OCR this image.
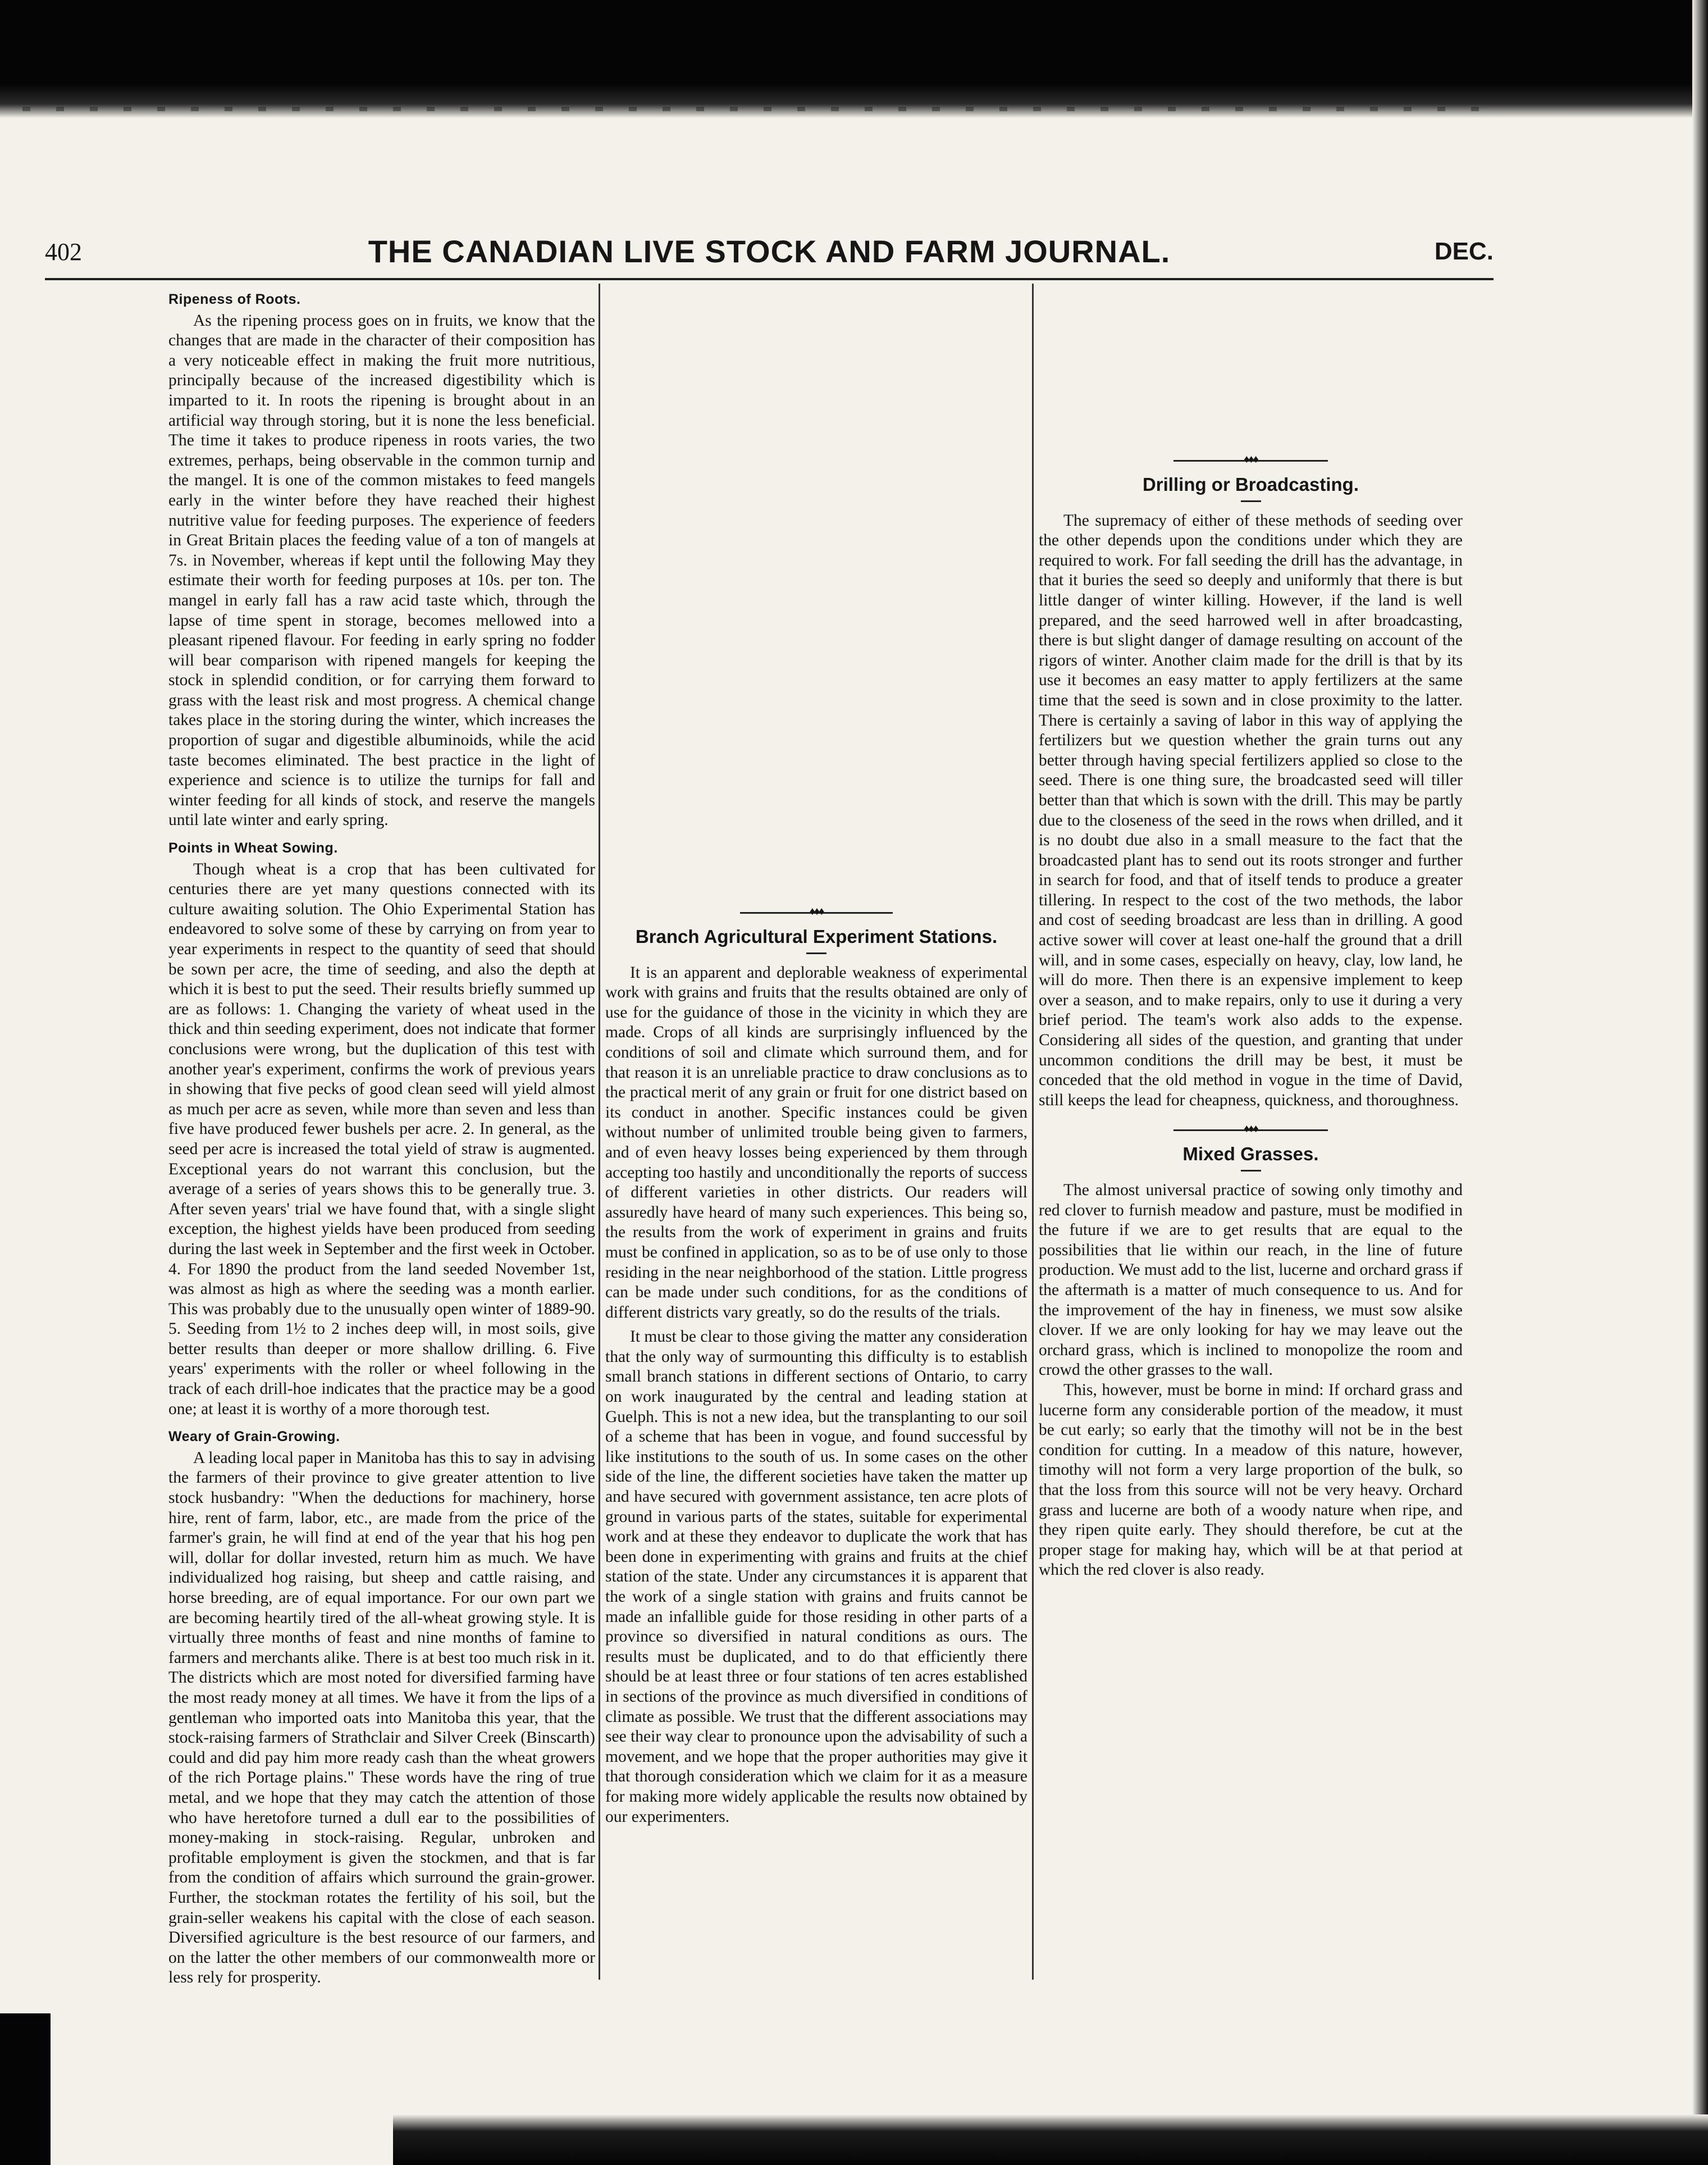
402	THE CANADIAN LIVE STOCK AND FARM JOURNAL.	DEC.
Ripeness of Roots.

As the ripening process goes on in fruits, we know that the changes that are made in the character of their composition has a very noticeable effect in making the fruit more nutritious, principally because of the increased digestibility which is imparted to it. In roots the ripening is brought about in an artificial way through storing, but it is none the less beneficial. The time it takes to produce ripeness in roots varies, the two extremes, perhaps, being observable in the common turnip and the mangel. It is one of the common mistakes to feed mangels early in the winter before they have reached their highest nutritive value for feeding purposes. The experience of feeders in Great Britain places the feeding value of a ton of mangels at 7s. in November, whereas if kept until the following May they estimate their worth for feeding purposes at 10s. per ton. The mangel in early fall has a raw acid taste which, through the lapse of time spent in storage, becomes mellowed into a pleasant ripened flavour. For feeding in early spring no fodder will bear comparison with ripened mangels for keeping the stock in splendid condition, or for carrying them forward to grass with the least risk and most progress. A chemical change takes place in the storing during the winter, which increases the proportion of sugar and digestible albuminoids, while the acid taste becomes eliminated. The best practice in the light of experience and science is to utilize the turnips for fall and winter feeding for all kinds of stock, and reserve the mangels until late winter and early spring.

Points in Wheat Sowing.

Though wheat is a crop that has been cultivated for centuries there are yet many questions connected with its culture awaiting solution. The Ohio Experimental Station has endeavored to solve some of these by carrying on from year to year experiments in respect to the quantity of seed that should be sown per acre, the time of seeding, and also the depth at which it is best to put the seed. Their results briefly summed up are as follows: 1. Changing the variety of wheat used in the thick and thin seeding experiment, does not indicate that former conclusions were wrong, but the duplication of this test with another year's experiment, confirms the work of previous years in showing that five pecks of good clean seed will yield almost as much per acre as seven, while more than seven and less than five have produced fewer bushels per acre. 2. In general, as the seed per acre is increased the total yield of straw is augmented. Exceptional years do not warrant this conclusion, but the average of a series of years shows this to be generally true. 3. After seven years' trial we have found that, with a single slight exception, the highest yields have been produced from seeding during the last week in September and the first week in October. 4. For 1890 the product from the land seeded November 1st, was almost as high as where the seeding was a month earlier. This was probably due to the unusually open winter of 1889-90. 5. Seeding from 1½ to 2 inches deep will, in most soils, give better results than deeper or more shallow drilling. 6. Five years' experiments with the roller or wheel following in the track of each drill-hoe indicates that the practice may be a good one; at least it is worthy of a more thorough test.

Weary of Grain-Growing.

A leading local paper in Manitoba has this to say in advising the farmers of their province to give greater attention to live stock husbandry: "When the deductions for machinery, horse hire, rent of farm, labor, etc., are made from the price of the farmer's grain, he will find at end of the year that his hog pen will, dollar for dollar invested, return him as much. We have individualized hog raising, but sheep and cattle raising, and horse breeding, are of equal importance. For our own part we are becoming heartily tired of the all-wheat growing style. It is virtually three months of feast and nine months of famine to farmers and merchants alike. There is at best too much risk in it. The districts which are most noted for diversified farming have the most ready money at all times. We have it from the lips of a gentleman who imported oats into Manitoba this year, that the stock-raising farmers of Strathclair and Silver Creek (Binscarth) could and did pay him more ready cash than the wheat growers of the rich Portage plains." These words have the ring of true metal, and we hope that they may catch the attention of those who have heretofore turned a dull ear to the possibilities of money-making in stock-raising. Regular, unbroken and profitable employment is given the stockmen, and that is far from the condition of affairs which surround the grain-grower. Further, the stockman rotates the fertility of his soil, but the grain-seller weakens his capital with the close of each season. Diversified agriculture is the best resource of our farmers, and on the latter the other members of our commonwealth more or less rely for prosperity.

♦♦♦
Branch Agricultural Experiment Stations.

It is an apparent and deplorable weakness of experimental work with grains and fruits that the results obtained are only of use for the guidance of those in the vicinity in which they are made. Crops of all kinds are surprisingly influenced by the conditions of soil and climate which surround them, and for that reason it is an unreliable practice to draw conclusions as to the practical merit of any grain or fruit for one district based on its conduct in another. Specific instances could be given without number of unlimited trouble being given to farmers, and of even heavy losses being experienced by them through accepting too hastily and unconditionally the reports of success of different varieties in other districts. Our readers will assuredly have heard of many such experiences. This being so, the results from the work of experiment in grains and fruits must be confined in application, so as to be of use only to those residing in the near neighborhood of the station. Little progress can be made under such conditions, for as the conditions of different districts vary greatly, so do the results of the trials.

It must be clear to those giving the matter any consideration that the only way of surmounting this difficulty is to establish small branch stations in different sections of Ontario, to carry on work inaugurated by the central and leading station at Guelph. This is not a new idea, but the transplanting to our soil of a scheme that has been in vogue, and found successful by like institutions to the south of us. In some cases on the other side of the line, the different societies have taken the matter up and have secured with government assistance, ten acre plots of ground in various parts of the states, suitable for experimental work and at these they endeavor to duplicate the work that has been done in experimenting with grains and fruits at the chief station of the state. Under any circumstances it is apparent that the work of a single station with grains and fruits cannot be made an infallible guide for those residing in other parts of a province so diversified in natural conditions as ours. The results must be duplicated, and to do that efficiently there should be at least three or four stations of ten acres established in sections of the province as much diversified in conditions of climate as possible. We trust that the different associations may see their way clear to pronounce upon the advisability of such a movement, and we hope that the proper authorities may give it that thorough consideration which we claim for it as a measure for making more widely applicable the results now obtained by our experimenters.

♦♦♦
Drilling or Broadcasting.

The supremacy of either of these methods of seeding over the other depends upon the conditions under which they are required to work. For fall seeding the drill has the advantage, in that it buries the seed so deeply and uniformly that there is but little danger of winter killing. However, if the land is well prepared, and the seed harrowed well in after broadcasting, there is but slight danger of damage resulting on account of the rigors of winter. Another claim made for the drill is that by its use it becomes an easy matter to apply fertilizers at the same time that the seed is sown and in close proximity to the latter. There is certainly a saving of labor in this way of applying the fertilizers but we question whether the grain turns out any better through having special fertilizers applied so close to the seed. There is one thing sure, the broadcasted seed will tiller better than that which is sown with the drill. This may be partly due to the closeness of the seed in the rows when drilled, and it is no doubt due also in a small measure to the fact that the broadcasted plant has to send out its roots stronger and further in search for food, and that of itself tends to produce a greater tillering. In respect to the cost of the two methods, the labor and cost of seeding broadcast are less than in drilling. A good active sower will cover at least one-half the ground that a drill will, and in some cases, especially on heavy, clay, low land, he will do more. Then there is an expensive implement to keep over a season, and to make repairs, only to use it during a very brief period. The team's work also adds to the expense. Considering all sides of the question, and granting that under uncommon conditions the drill may be best, it must be conceded that the old method in vogue in the time of David, still keeps the lead for cheapness, quickness, and thoroughness.

♦♦♦
Mixed Grasses.

The almost universal practice of sowing only timothy and red clover to furnish meadow and pasture, must be modified in the future if we are to get results that are equal to the possibilities that lie within our reach, in the line of future production. We must add to the list, lucerne and orchard grass if the aftermath is a matter of much consequence to us. And for the improvement of the hay in fineness, we must sow alsike clover. If we are only looking for hay we may leave out the orchard grass, which is inclined to monopolize the room and crowd the other grasses to the wall.

This, however, must be borne in mind: If orchard grass and lucerne form any considerable portion of the meadow, it must be cut early; so early that the timothy will not be in the best condition for cutting. In a meadow of this nature, however, timothy will not form a very large proportion of the bulk, so that the loss from this source will not be very heavy. Orchard grass and lucerne are both of a woody nature when ripe, and they ripen quite early. They should therefore, be cut at the proper stage for making hay, which will be at that period at which the red clover is also ready.
